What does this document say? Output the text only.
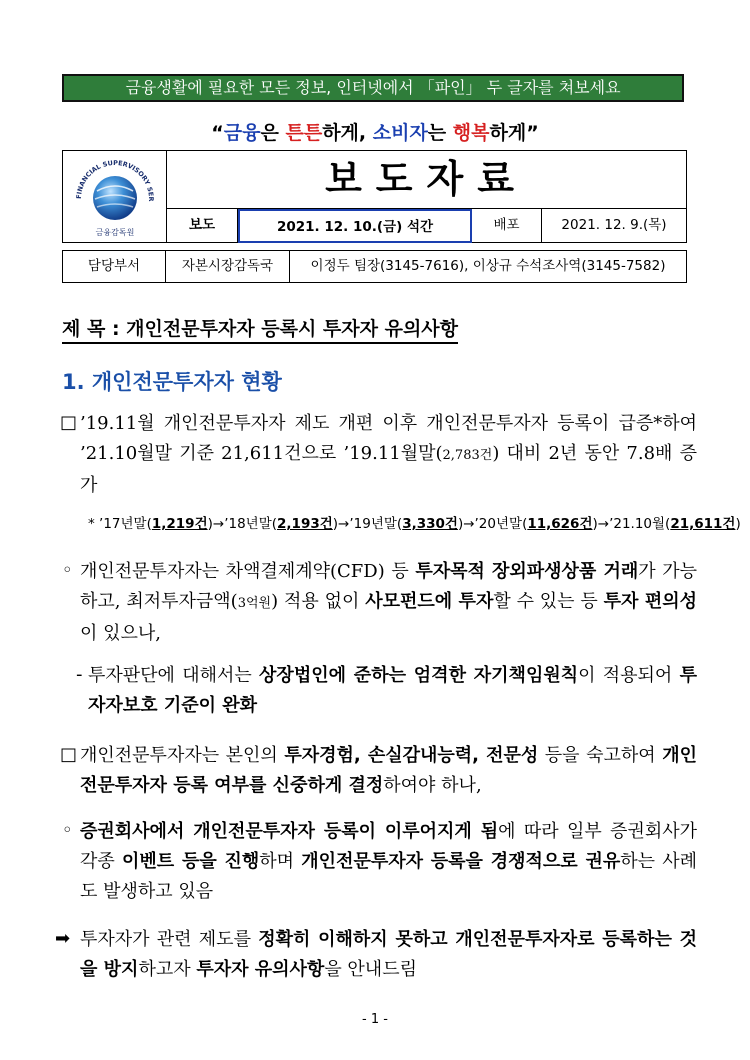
금융생활에 필요한 모든 정보, 인터넷에서 「파인」 두 글자를 쳐보세요
“금융은 튼튼하게, 소비자는 행복하게”
FINANCIAL SUPERVISORY SER
금융감독원
보도자료
보도	2021. 12. 10.(금) 석간	배포	2021. 12. 9.(목)
담당부서	자본시장감독국	이정두 팀장(3145-7616), 이상규 수석조사역(3145-7582)
제 목 : 개인전문투자자 등록시 투자자 유의사항
1. 개인전문투자자 현황
□ ’19.11월 개인전문투자자 제도 개편 이후 개인전문투자자 등록이 급증*하여 ’21.10월말 기준 21,611건으로 ’19.11월말(2,783건) 대비 2년 동안 7.8배 증가
* ’17년말(1,219건)→’18년말(2,193건)→’19년말(3,330건)→’20년말(11,626건)→’21.10월(21,611건)
◦ 개인전문투자자는 차액결제계약(CFD) 등 투자목적 장외파생상품 거래가 가능하고, 최저투자금액(3억원) 적용 없이 사모펀드에 투자할 수 있는 등 투자 편의성이 있으나,
- 투자판단에 대해서는 상장법인에 준하는 엄격한 자기책임원칙이 적용되어 투자자보호 기준이 완화
□ 개인전문투자자는 본인의 투자경험, 손실감내능력, 전문성 등을 숙고하여 개인전문투자자 등록 여부를 신중하게 결정하여야 하나,
◦ 증권회사에서 개인전문투자자 등록이 이루어지게 됨에 따라 일부 증권회사가 각종 이벤트 등을 진행하며 개인전문투자자 등록을 경쟁적으로 권유하는 사례도 발생하고 있음
➡ 투자자가 관련 제도를 정확히 이해하지 못하고 개인전문투자자로 등록하는 것을 방지하고자 투자자 유의사항을 안내드림
- 1 -
